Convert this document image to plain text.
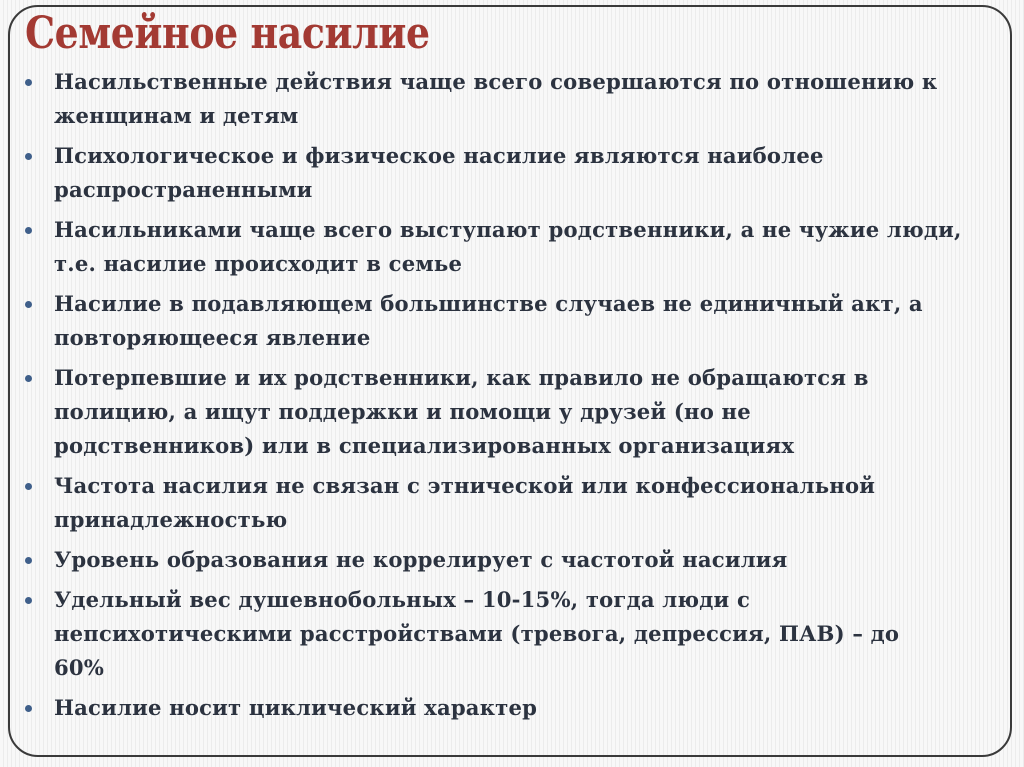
Семейное насилие
Насильственные действия чаще всего совершаются по отношению к
женщинам и детям
Психологическое и физическое насилие являются наиболее
распространенными
Насильниками чаще всего выступают родственники, а не чужие люди,
т.е. насилие происходит в семье
Насилие в подавляющем большинстве случаев не единичный акт, а
повторяющееся явление
Потерпевшие и их родственники, как правило не обращаются в
полицию, а ищут поддержки и помощи у друзей (но не
родственников) или в специализированных организациях
Частота насилия не связан с этнической или конфессиональной
принадлежностью
Уровень образования не коррелирует с частотой насилия
Удельный вес душевнобольных – 10-15%, тогда люди с
непсихотическими расстройствами (тревога, депрессия, ПАВ) – до
60%
Насилие носит циклический характер
